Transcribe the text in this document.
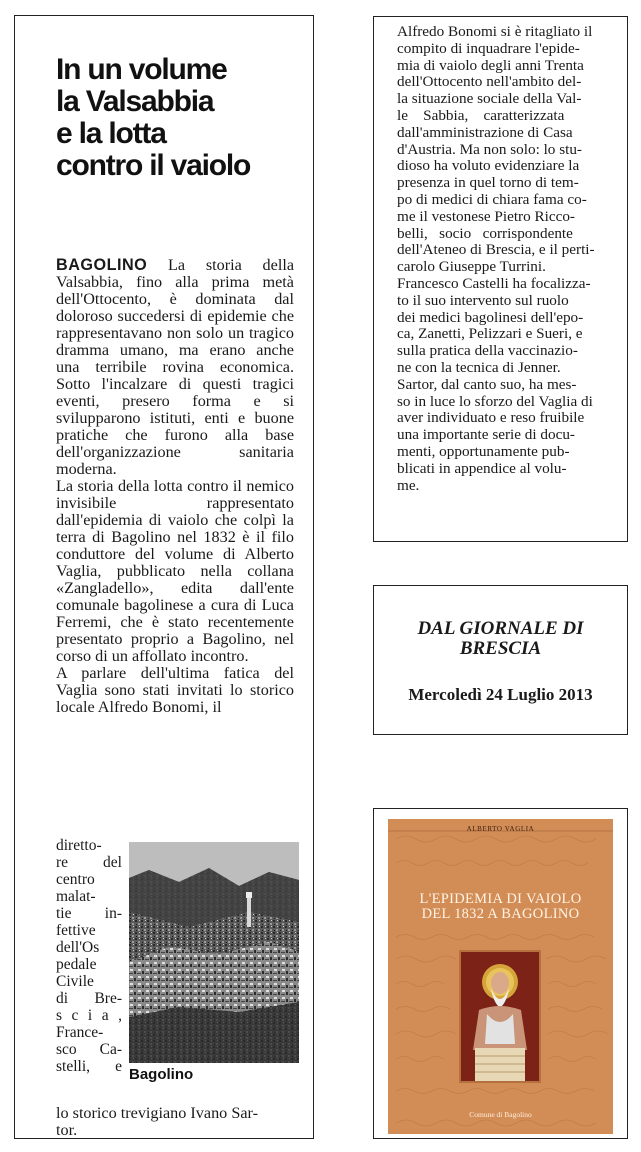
In un volume
la Valsabbia
e la lotta
contro il vaiolo

BAGOLINO La storia della Valsabbia, fino alla prima metà dell'Ottocento, è dominata dal doloroso succedersi di epidemie che rappresentavano non solo un tragico dramma umano, ma erano anche una terribile rovina economica. Sotto l'incalzare di questi tragici eventi, presero forma e si svilupparono istituti, enti e buone pratiche che furono alla base dell'organizzazione sanitaria moderna.

La storia della lotta contro il nemico invisibile rappresentato dall'epidemia di vaiolo che colpì la terra di Bagolino nel 1832 è il filo conduttore del volume di Alberto Vaglia, pubblicato nella collana «Zangladello», edita dall'ente comunale bagolinese a cura di Luca Ferremi, che è stato recentemente presentato proprio a Bagolino, nel corso di un affollato incontro.

A parlare dell'ultima fatica del Vaglia sono stati invitati lo storico locale Alfredo Bonomi, il

diretto-
re del
centro
malat-
tie in-
fettive
dell'Os
pedale
Civile
di Bre-
s c i a ,
France-
sco Ca-
stelli, e Bagolino
lo storico trevigiano Ivano Sar-
tor.
Alfredo Bonomi si è ritagliato il
compito di inquadrare l'epide-
mia di vaiolo degli anni Trenta
dell'Ottocento nell'ambito del-
la situazione sociale della Val-
le    Sabbia,    caratterizzata
dall'amministrazione di Casa
d'Austria. Ma non solo: lo stu-
dioso ha voluto evidenziare la
presenza in quel torno di tem-
po di medici di chiara fama co-
me il vestonese Pietro Ricco-
belli,   socio   corrispondente
dell'Ateneo di Brescia, e il perti-
carolo Giuseppe Turrini.
Francesco Castelli ha focalizza-
to il suo intervento sul ruolo
dei medici bagolinesi dell'epo-
ca, Zanetti, Pelizzari e Sueri, e
sulla pratica della vaccinazio-
ne con la tecnica di Jenner.
Sartor, dal canto suo, ha mes-
so in luce lo sforzo del Vaglia di
aver individuato e reso fruibile
una importante serie di docu-
menti, opportunamente pub-
blicati in appendice al volu-
me.
DAL GIORNALE DI
BRESCIA
Mercoledì 24 Luglio 2013
ALBERTO VAGLIA
L'EPIDEMIA DI VAIOLO
DEL 1832 A BAGOLINO
Comune di Bagolino
